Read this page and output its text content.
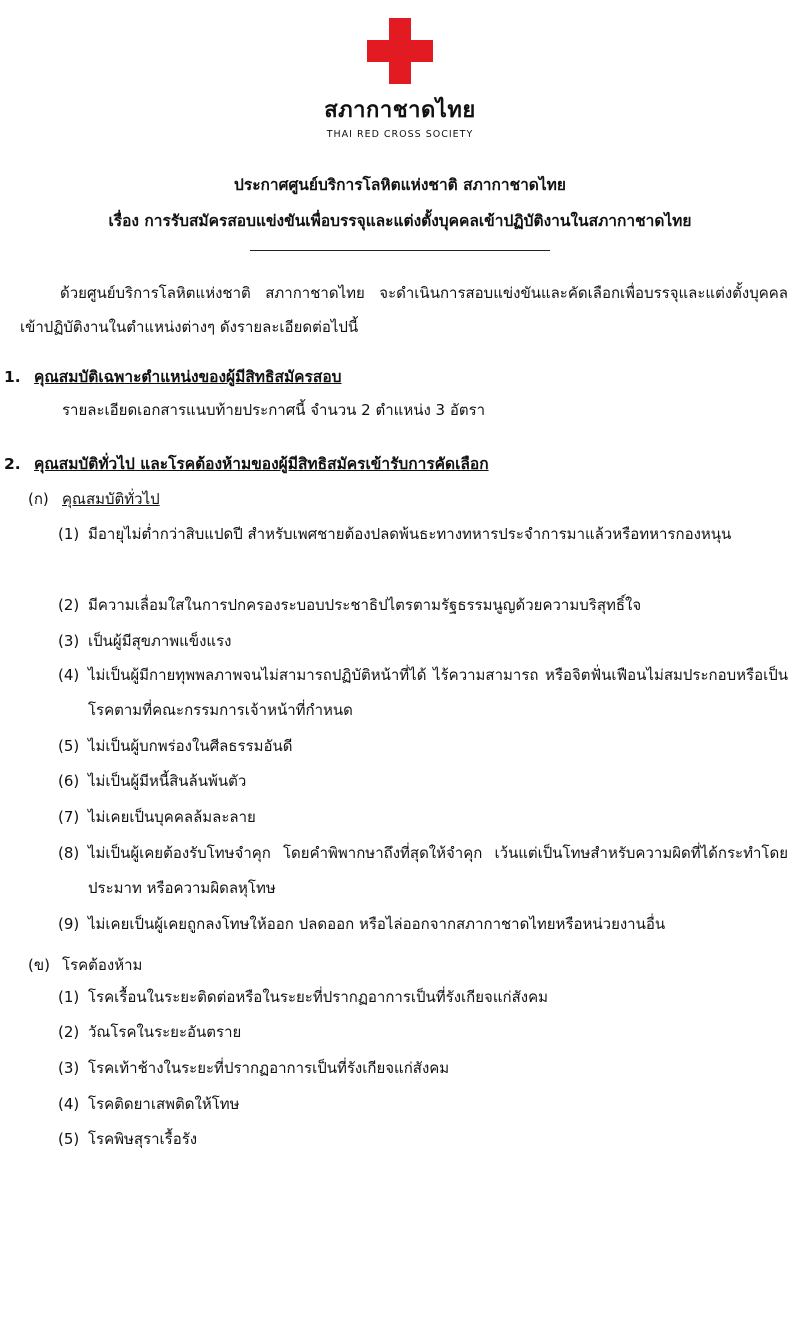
สภากาชาดไทย
THAI RED CROSS SOCIETY
ประกาศศูนย์บริการโลหิตแห่งชาติ สภากาชาดไทย
เรื่อง การรับสมัครสอบแข่งขันเพื่อบรรจุและแต่งตั้งบุคคลเข้าปฏิบัติงานในสภากาชาดไทย
ด้วยศูนย์บริการโลหิตแห่งชาติ สภากาชาดไทย จะดำเนินการสอบแข่งขันและคัดเลือกเพื่อบรรจุและแต่งตั้งบุคคลเข้าปฏิบัติงานในตำแหน่งต่างๆ ดังรายละเอียดต่อไปนี้
1. คุณสมบัติเฉพาะตำแหน่งของผู้มีสิทธิสมัครสอบ
รายละเอียดเอกสารแนบท้ายประกาศนี้ จำนวน 2 ตำแหน่ง 3 อัตรา
2. คุณสมบัติทั่วไป และโรคต้องห้ามของผู้มีสิทธิสมัครเข้ารับการคัดเลือก
(ก) คุณสมบัติทั่วไป
(1) มีอายุไม่ต่ำกว่าสิบแปดปี สำหรับเพศชายต้องปลดพ้นธะทางทหารประจำการมาแล้วหรือทหารกองหนุน
(2) มีความเลื่อมใสในการปกครองระบอบประชาธิปไตรตามรัฐธรรมนูญด้วยความบริสุทธิ์ใจ
(3) เป็นผู้มีสุขภาพแข็งแรง
(4) ไม่เป็นผู้มีกายทุพพลภาพจนไม่สามารถปฏิบัติหน้าที่ได้ ไร้ความสามารถ หรือจิตฟั่นเฟือนไม่สมประกอบหรือเป็นโรคตามที่คณะกรรมการเจ้าหน้าที่กำหนด
(5) ไม่เป็นผู้บกพร่องในศีลธรรมอันดี
(6) ไม่เป็นผู้มีหนี้สินล้นพ้นตัว
(7) ไม่เคยเป็นบุคคลล้มละลาย
(8) ไม่เป็นผู้เคยต้องรับโทษจำคุก โดยคำพิพากษาถึงที่สุดให้จำคุก เว้นแต่เป็นโทษสำหรับความผิดที่ได้กระทำโดยประมาท หรือความผิดลหุโทษ
(9) ไม่เคยเป็นผู้เคยถูกลงโทษให้ออก ปลดออก หรือไล่ออกจากสภากาชาดไทยหรือหน่วยงานอื่น
(ข) โรคต้องห้าม
(1) โรคเรื้อนในระยะติดต่อหรือในระยะที่ปรากฏอาการเป็นที่รังเกียจแก่สังคม
(2) วัณโรคในระยะอันตราย
(3) โรคเท้าช้างในระยะที่ปรากฏอาการเป็นที่รังเกียจแก่สังคม
(4) โรคติดยาเสพติดให้โทษ
(5) โรคพิษสุราเรื้อรัง
